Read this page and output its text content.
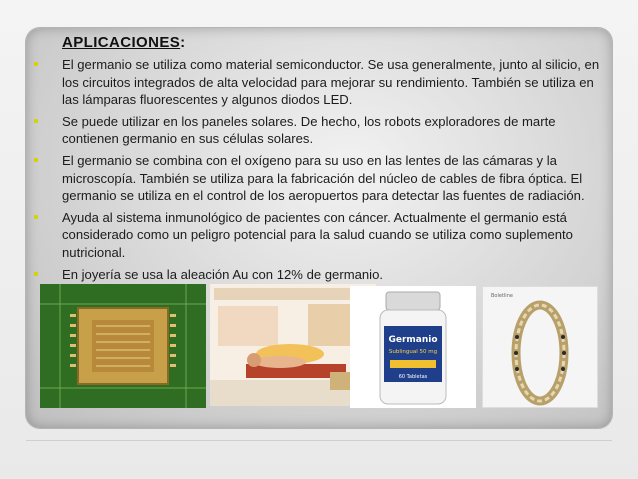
APLICACIONES:
El germanio se utiliza como material semiconductor. Se usa generalmente, junto al silicio, en los circuitos integrados de alta velocidad para mejorar su rendimiento. También se utiliza en las lámparas fluorescentes y algunos diodos LED.
Se puede utilizar en los paneles solares. De hecho, los robots exploradores de marte contienen germanio en sus células solares.
El germanio se combina con el oxígeno para su uso en las lentes de las cámaras y la microscopía. También se utiliza para la fabricación del núcleo de cables de fibra óptica. El germanio se utiliza en el control de los aeropuertos para detectar las fuentes de radiación.
Ayuda al sistema inmunológico de pacientes con cáncer. Actualmente el germanio está considerado como un peligro potencial para la salud cuando se utiliza como suplemento nutricional.
En joyería se usa la aleación Au con 12% de germanio.
Germanio
Sublingual 50 mg
60 Tabletas
Boletline
